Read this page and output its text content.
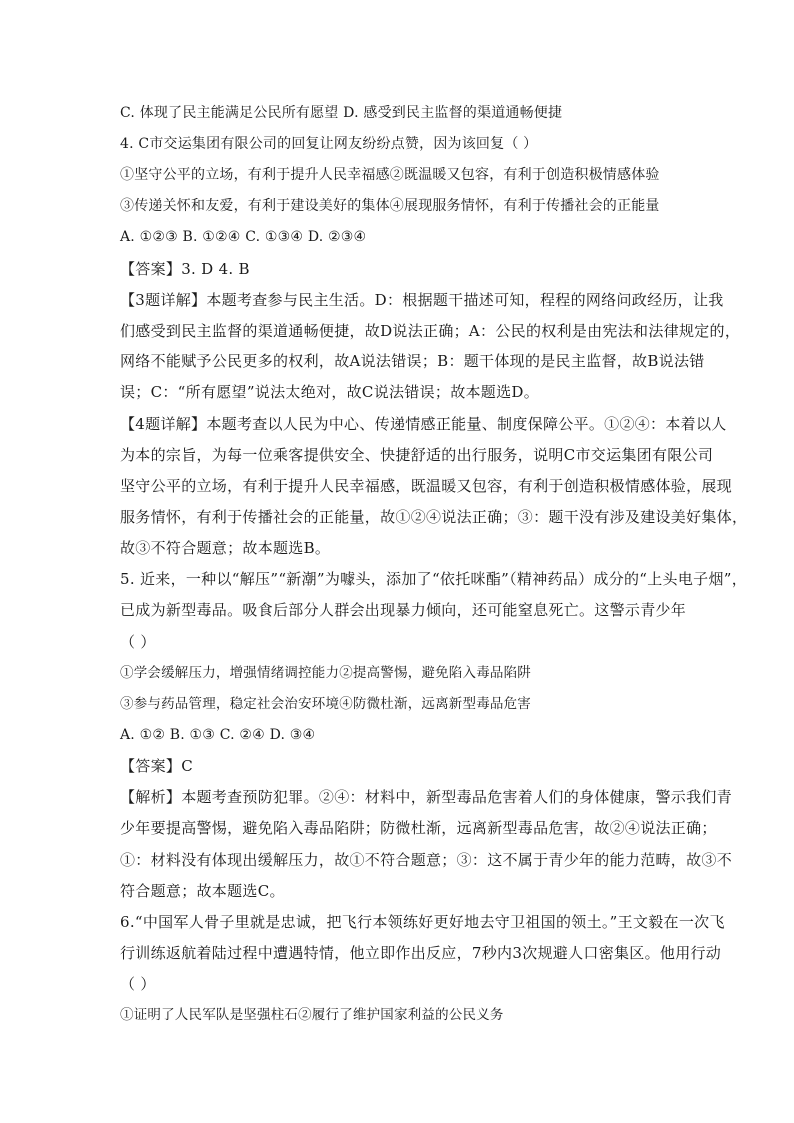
C. 体现了民主能满足公民所有愿望 D. 感受到民主监督的渠道通畅便捷
4. C市交运集团有限公司的回复让网友纷纷点赞，因为该回复（ ）
①坚守公平的立场，有利于提升人民幸福感②既温暖又包容，有利于创造积极情感体验
③传递关怀和友爱，有利于建设美好的集体④展现服务情怀，有利于传播社会的正能量
A. ①②③ B. ①②④ C. ①③④ D. ②③④
【答案】3. D 4. B
【3题详解】本题考查参与民主生活。D：根据题干描述可知，程程的网络问政经历，让我
们感受到民主监督的渠道通畅便捷，故D说法正确；A：公民的权利是由宪法和法律规定的，
网络不能赋予公民更多的权利，故A说法错误；B：题干体现的是民主监督，故B说法错
误；C：“所有愿望”说法太绝对，故C说法错误；故本题选D。
【4题详解】本题考查以人民为中心、传递情感正能量、制度保障公平。①②④：本着以人
为本的宗旨，为每一位乘客提供安全、快捷舒适的出行服务，说明C市交运集团有限公司
坚守公平的立场，有利于提升人民幸福感，既温暖又包容，有利于创造积极情感体验，展现
服务情怀，有利于传播社会的正能量，故①②④说法正确；③：题干没有涉及建设美好集体，
故③不符合题意；故本题选B。
5. 近来，一种以“解压”“新潮”为噱头，添加了“依托咪酯”（精神药品）成分的“上头电子烟”，
已成为新型毒品。吸食后部分人群会出现暴力倾向，还可能窒息死亡。这警示青少年
（ ）
①学会缓解压力，增强情绪调控能力②提高警惕，避免陷入毒品陷阱
③参与药品管理，稳定社会治安环境④防微杜渐，远离新型毒品危害
A. ①② B. ①③ C. ②④ D. ③④
【答案】C
【解析】本题考查预防犯罪。②④：材料中，新型毒品危害着人们的身体健康，警示我们青
少年要提高警惕，避免陷入毒品陷阱；防微杜渐，远离新型毒品危害，故②④说法正确；
①：材料没有体现出缓解压力，故①不符合题意；③：这不属于青少年的能力范畴，故③不
符合题意；故本题选C。
6.“中国军人骨子里就是忠诚，把飞行本领练好更好地去守卫祖国的领土。”王文毅在一次飞
行训练返航着陆过程中遭遇特情，他立即作出反应，7秒内3次规避人口密集区。他用行动
（ ）
①证明了人民军队是坚强柱石②履行了维护国家利益的公民义务
